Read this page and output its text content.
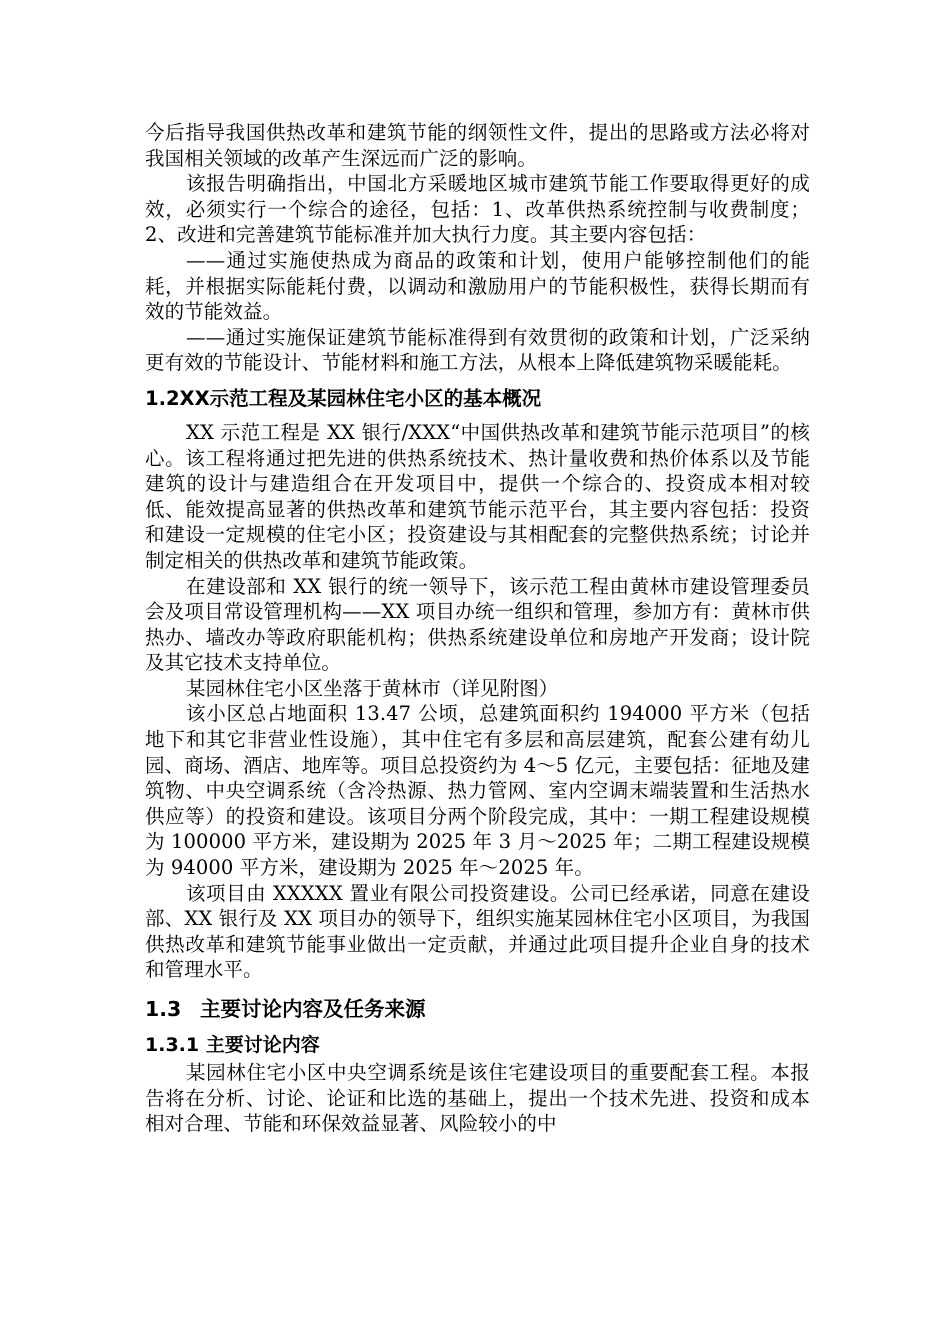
今后指导我国供热改革和建筑节能的纲领性文件，提出的思路或方法必将对我国相关领域的改革产生深远而广泛的影响。

该报告明确指出，中国北方采暖地区城市建筑节能工作要取得更好的成效，必须实行一个综合的途径，包括：1、改革供热系统控制与收费制度；2、改进和完善建筑节能标准并加大执行力度。其主要内容包括：

——通过实施使热成为商品的政策和计划，使用户能够控制他们的能耗，并根据实际能耗付费，以调动和激励用户的节能积极性，获得长期而有效的节能效益。

——通过实施保证建筑节能标准得到有效贯彻的政策和计划，广泛采纳更有效的节能设计、节能材料和施工方法，从根本上降低建筑物采暖能耗。

1.2XX示范工程及某园林住宅小区的基本概况

XX 示范工程是 XX 银行/XXX“中国供热改革和建筑节能示范项目”的核心。该工程将通过把先进的供热系统技术、热计量收费和热价体系以及节能建筑的设计与建造组合在开发项目中，提供一个综合的、投资成本相对较低、能效提高显著的供热改革和建筑节能示范平台，其主要内容包括：投资和建设一定规模的住宅小区；投资建设与其相配套的完整供热系统；讨论并制定相关的供热改革和建筑节能政策。

在建设部和 XX 银行的统一领导下，该示范工程由黄林市建设管理委员会及项目常设管理机构——XX 项目办统一组织和管理，参加方有：黄林市供热办、墙改办等政府职能机构；供热系统建设单位和房地产开发商；设计院及其它技术支持单位。

某园林住宅小区坐落于黄林市（详见附图）

该小区总占地面积 13.47 公顷，总建筑面积约 194000 平方米（包括地下和其它非营业性设施），其中住宅有多层和高层建筑，配套公建有幼儿园、商场、酒店、地库等。项目总投资约为 4～5 亿元，主要包括：征地及建筑物、中央空调系统（含冷热源、热力管网、室内空调末端装置和生活热水供应等）的投资和建设。该项目分两个阶段完成，其中：一期工程建设规模为 100000 平方米，建设期为 2025 年 3 月～2025 年；二期工程建设规模为 94000 平方米，建设期为 2025 年～2025 年。

该项目由 XXXXX 置业有限公司投资建设。公司已经承诺，同意在建设部、XX 银行及 XX 项目办的领导下，组织实施某园林住宅小区项目，为我国供热改革和建筑节能事业做出一定贡献，并通过此项目提升企业自身的技术和管理水平。

1.3 主要讨论内容及任务来源
1.3.1 主要讨论内容

某园林住宅小区中央空调系统是该住宅建设项目的重要配套工程。本报告将在分析、讨论、论证和比选的基础上，提出一个技术先进、投资和成本相对合理、节能和环保效益显著、风险较小的中
